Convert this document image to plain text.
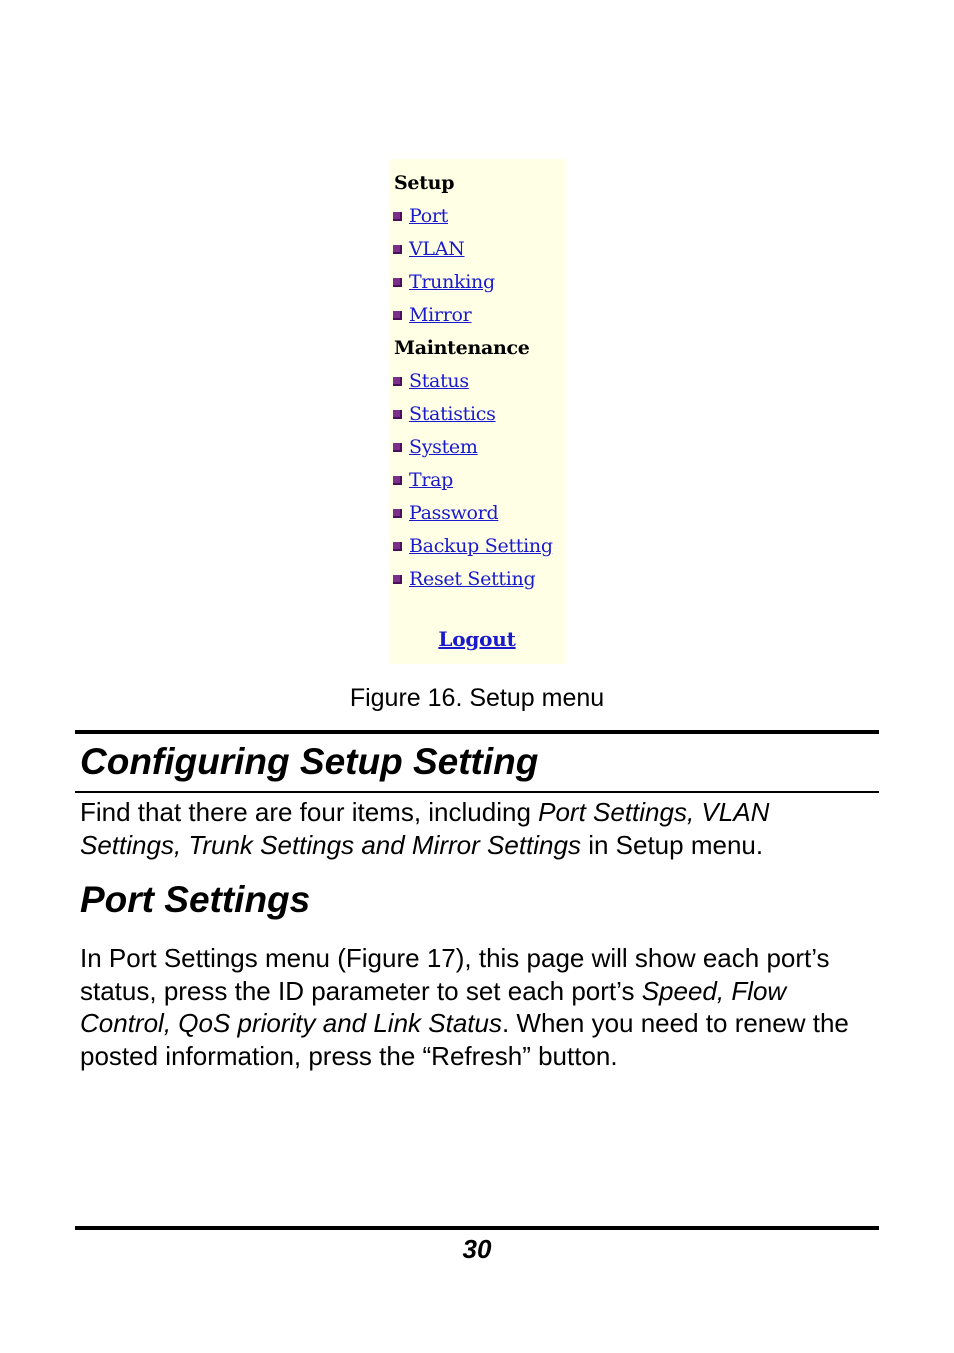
Setup
Port
VLAN
Trunking
Mirror
Maintenance
Status
Statistics
System
Trap
Password
Backup Setting
Reset Setting
Logout
Figure 16. Setup menu
Configuring Setup Setting
Find that there are four items, including Port Settings, VLAN Settings, Trunk Settings and Mirror Settings in Setup menu.
Port Settings
In Port Settings menu (Figure 17), this page will show each port’s status, press the ID parameter to set each port’s Speed, Flow Control, QoS priority and Link Status. When you need to renew the posted information, press the “Refresh” button.
30
